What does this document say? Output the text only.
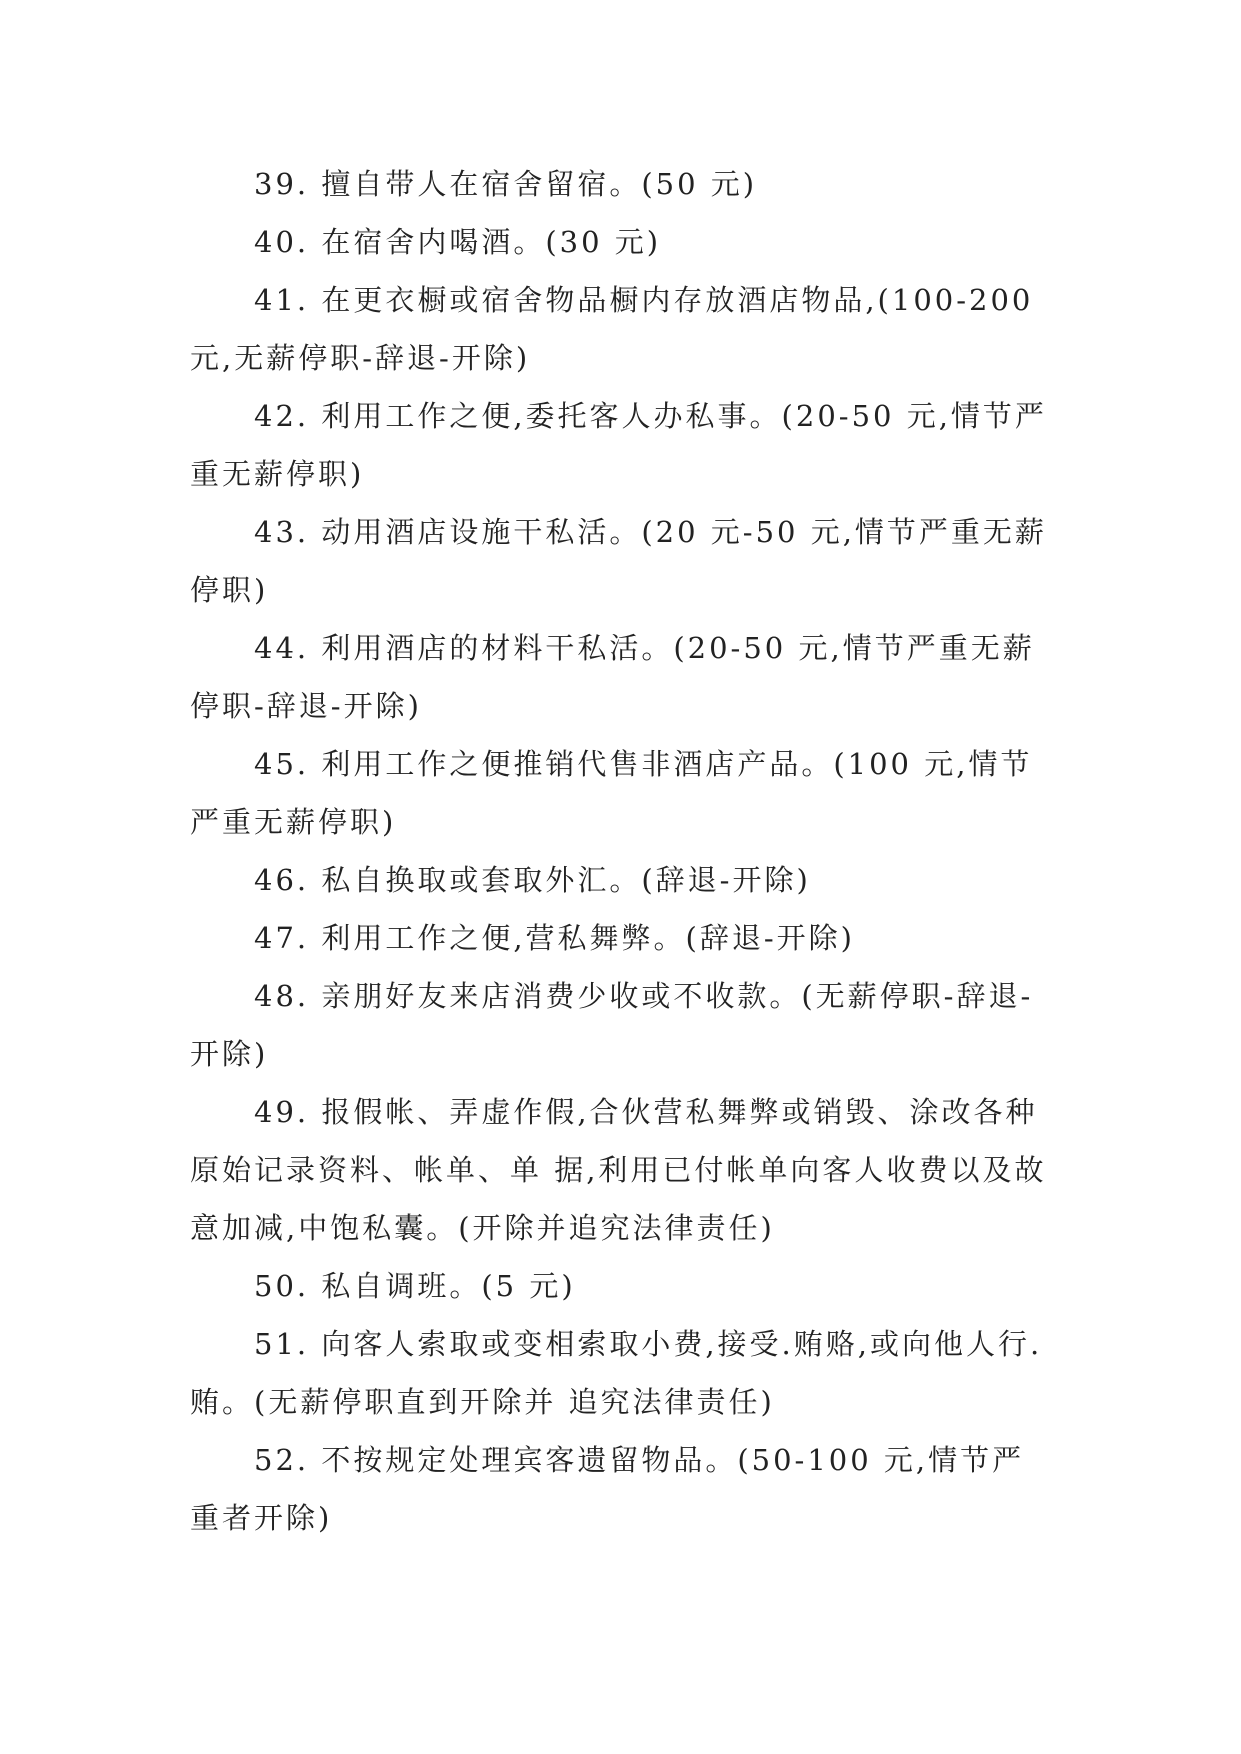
39. 擅自带人在宿舍留宿。(50 元)

40. 在宿舍内喝酒。(30 元)

41. 在更衣橱或宿舍物品橱内存放酒店物品,(100-200 元,无薪停职-辞退-开除)

42. 利用工作之便,委托客人办私事。(20-50 元,情节严重无薪停职)

43. 动用酒店设施干私活。(20 元-50 元,情节严重无薪停职)

44. 利用酒店的材料干私活。(20-50 元,情节严重无薪停职-辞退-开除)

45. 利用工作之便推销代售非酒店产品。(100 元,情节严重无薪停职)

46. 私自换取或套取外汇。(辞退-开除)

47. 利用工作之便,营私舞弊。(辞退-开除)

48. 亲朋好友来店消费少收或不收款。(无薪停职-辞退-开除)

49. 报假帐、弄虚作假,合伙营私舞弊或销毁、涂改各种原始记录资料、帐单、单 据,利用已付帐单向客人收费以及故意加减,中饱私囊。(开除并追究法律责任)

50. 私自调班。(5 元)

51. 向客人索取或变相索取小费,接受.贿赂,或向他人行.贿。(无薪停职直到开除并 追究法律责任)

52. 不按规定处理宾客遗留物品。(50-100 元,情节严重者开除)
